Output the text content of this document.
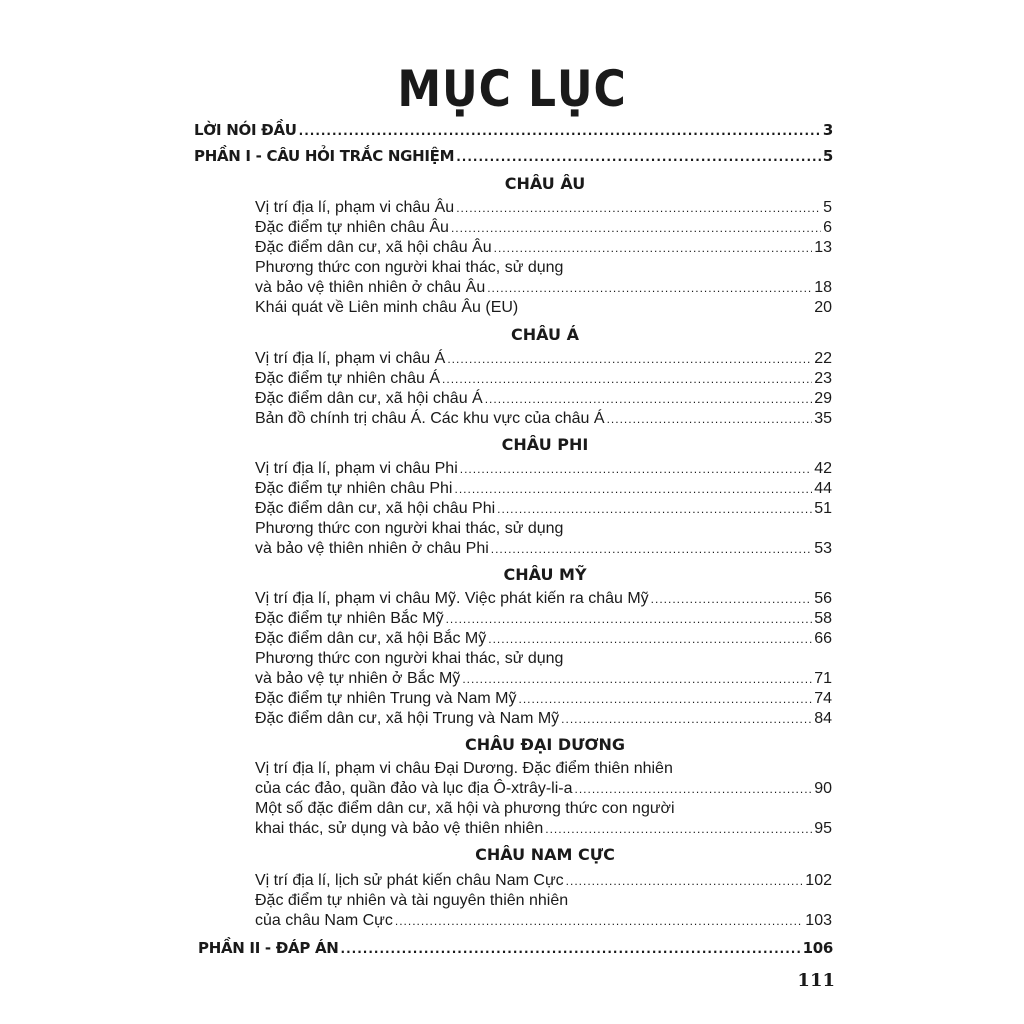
MỤC LỤC
LỜI NÓI ĐẦU .....	3
PHẦN I - CÂU HỎI TRẮC NGHIỆM .....	5
CHÂU ÂU
Vị trí địa lí, phạm vi châu Âu .....	5
Đặc điểm tự nhiên châu Âu .....	6
Đặc điểm dân cư, xã hội châu Âu .....	13
Phương thức con người khai thác, sử dụng
và bảo vệ thiên nhiên ở châu Âu .....	18
Khái quát về Liên minh châu Âu (EU)	20
CHÂU Á
Vị trí địa lí, phạm vi châu Á .....	22
Đặc điểm tự nhiên châu Á .....	23
Đặc điểm dân cư, xã hội châu Á .....	29
Bản đồ chính trị châu Á. Các khu vực của châu Á .....	35
CHÂU PHI
Vị trí địa lí, phạm vi châu Phi .....	42
Đặc điểm tự nhiên châu Phi .....	44
Đặc điểm dân cư, xã hội châu Phi .....	51
Phương thức con người khai thác, sử dụng
và bảo vệ thiên nhiên ở châu Phi .....	53
CHÂU MỸ
Vị trí địa lí, phạm vi châu Mỹ. Việc phát kiến ra châu Mỹ .....	56
Đặc điểm tự nhiên Bắc Mỹ .....	58
Đặc điểm dân cư, xã hội Bắc Mỹ .....	66
Phương thức con người khai thác, sử dụng
và bảo vệ tự nhiên ở Bắc Mỹ .....	71
Đặc điểm tự nhiên Trung và Nam Mỹ .....	74
Đặc điểm dân cư, xã hội Trung và Nam Mỹ .....	84
CHÂU ĐẠI DƯƠNG
Vị trí địa lí, phạm vi châu Đại Dương. Đặc điểm thiên nhiên
của các đảo, quần đảo và lục địa Ô-xtrây-li-a .....	90
Một số đặc điểm dân cư, xã hội và phương thức con người
khai thác, sử dụng và bảo vệ thiên nhiên .....	95
CHÂU NAM CỰC
Vị trí địa lí, lịch sử phát kiến châu Nam Cực .....	102
Đặc điểm tự nhiên và tài nguyên thiên nhiên
của châu Nam Cực .....	103
PHẦN II - ĐÁP ÁN .....	106
111
